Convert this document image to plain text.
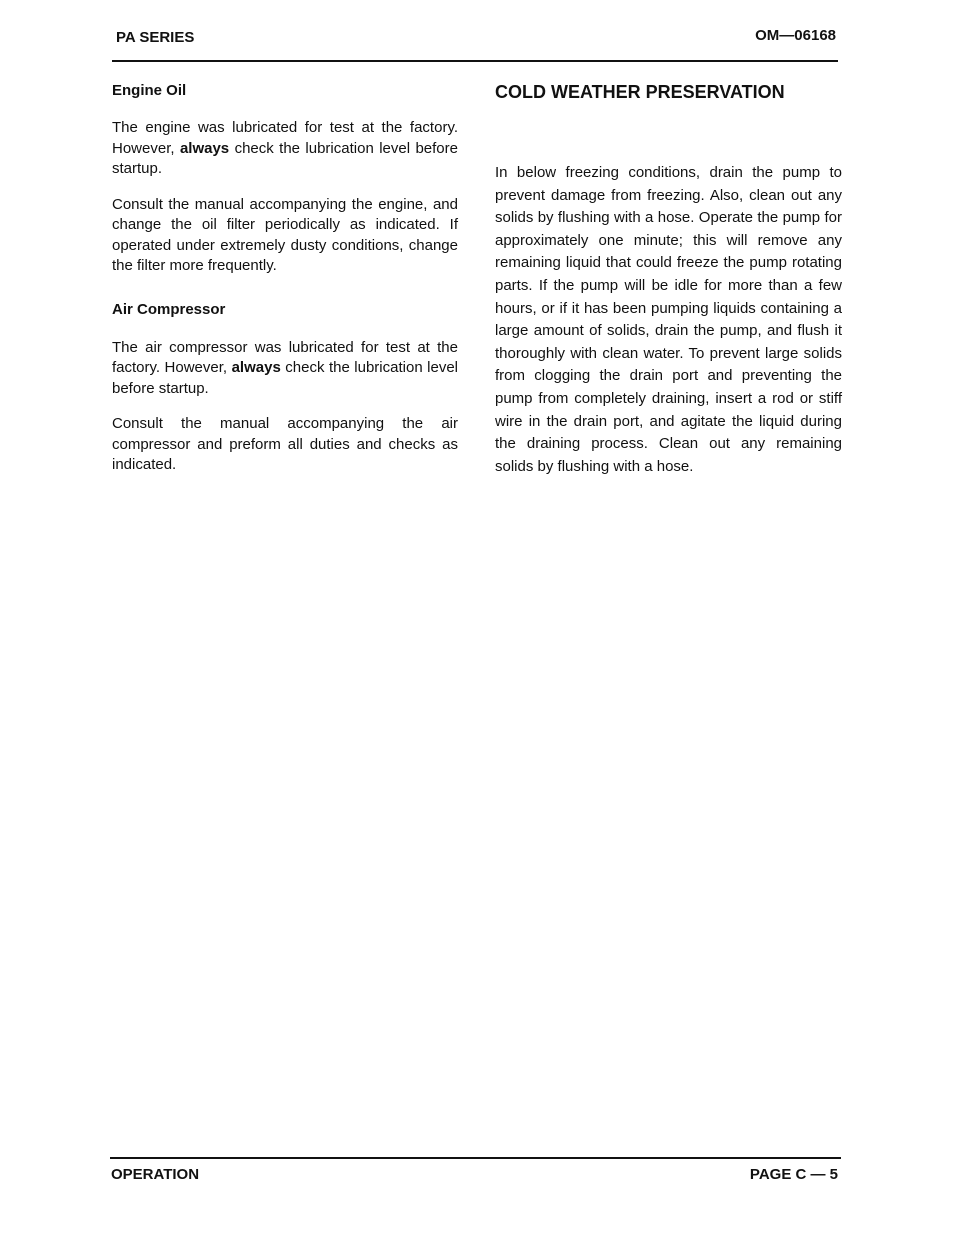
PA SERIES	OM—06168
Engine Oil

The engine was lubricated for test at the factory. However, always check the lubrication level before startup.

Consult the manual accompanying the engine, and change the oil filter periodically as indicated. If operated under extremely dusty conditions, change the filter more frequently.

Air Compressor

The air compressor was lubricated for test at the factory. However, always check the lubrication level before startup.

Consult the manual accompanying the air compressor and preform all duties and checks as indicated.

COLD WEATHER PRESERVATION

In below freezing conditions, drain the pump to prevent damage from freezing. Also, clean out any solids by flushing with a hose. Operate the pump for approximately one minute; this will remove any remaining liquid that could freeze the pump rotating parts. If the pump will be idle for more than a few hours, or if it has been pumping liquids containing a large amount of solids, drain the pump, and flush it thoroughly with clean water. To prevent large solids from clogging the drain port and preventing the pump from completely draining, insert a rod or stiff wire in the drain port, and agitate the liquid during the draining process. Clean out any remaining solids by flushing with a hose.

OPERATION	PAGE C — 5
